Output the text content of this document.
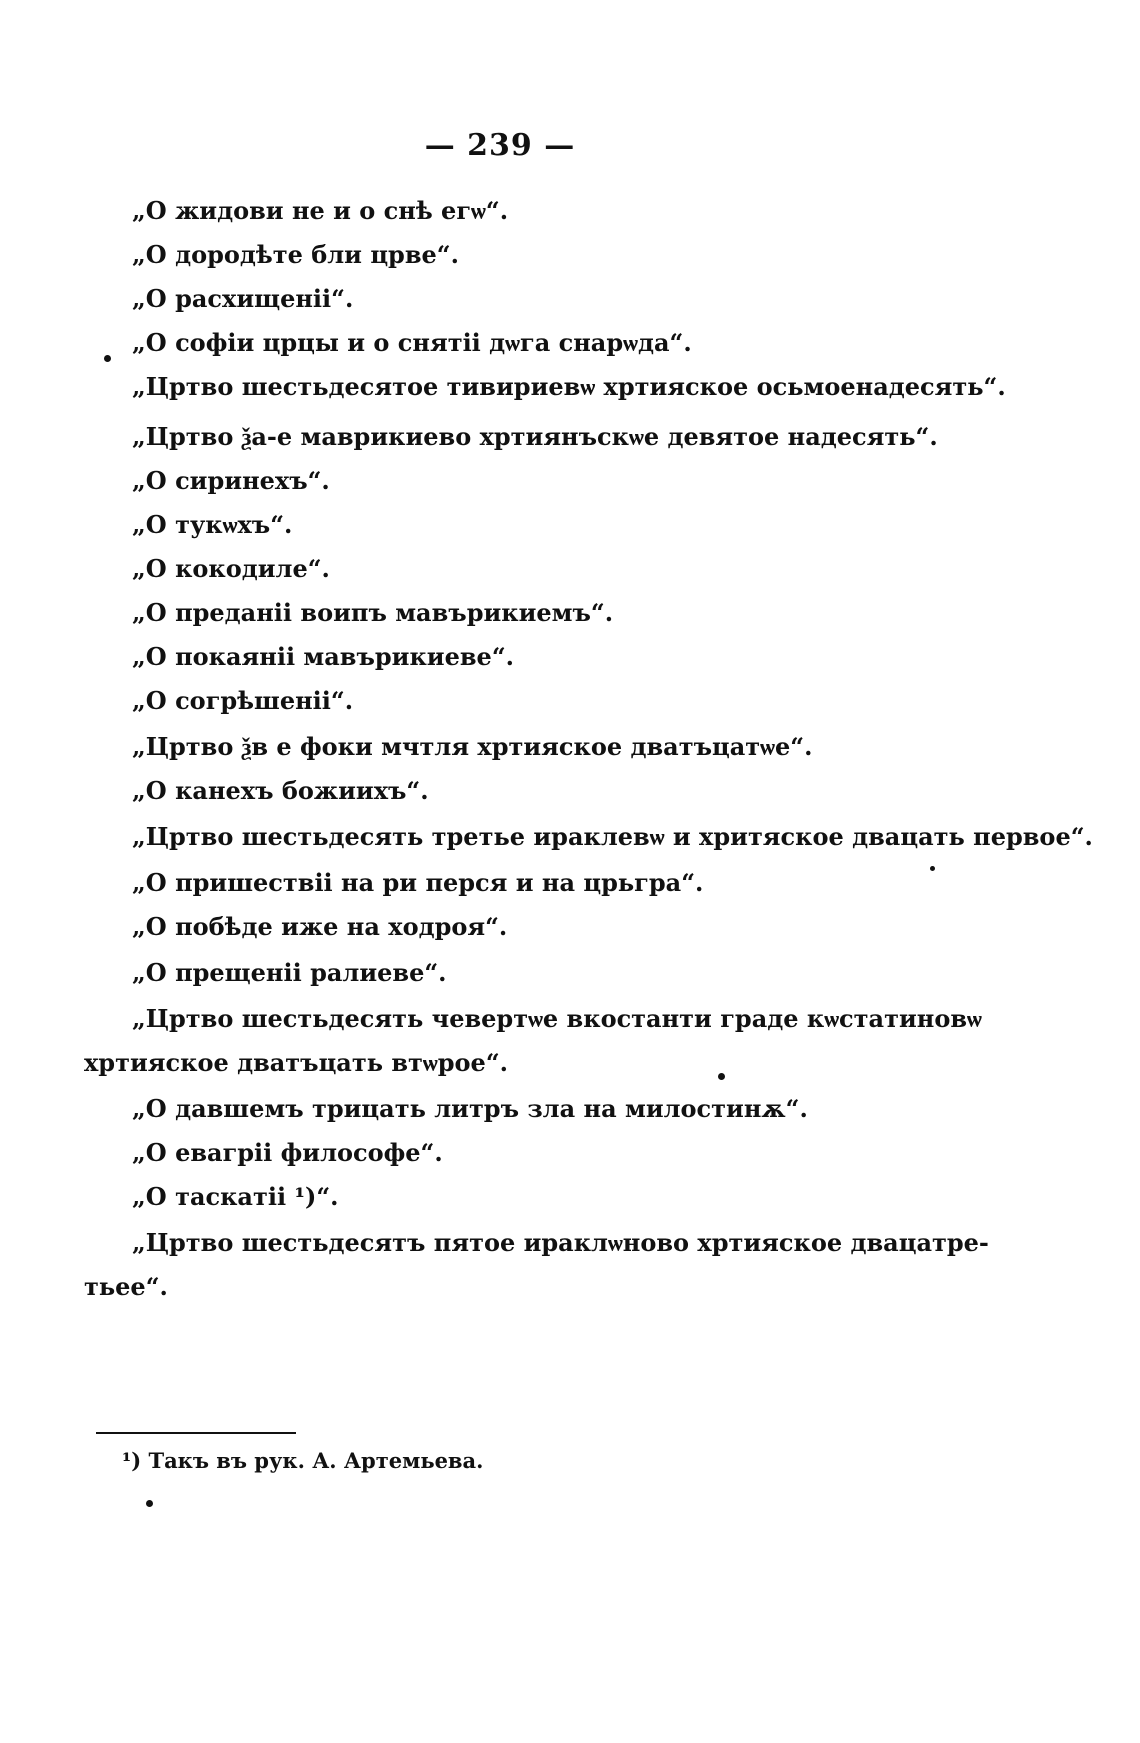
— 239 —
„О жидови не и о снѣ егѡ“.
„О дородѣте бли црве“.
„О расхищеніі“.
„О софіи црцы и о снятіі дѡга снарѡда“.
„Цртво шестьдесятое тивириевѡ хртияское осьмоенадесять“.
„Цртво ѯа-е маврикиево хртиянъскѡе девятое надесять“.
„О сиринехъ“.
„О тукѡхъ“.
„О кокодиле“.
„О преданіі воипъ мавърикиемъ“.
„О покаяніі мавърикиеве“.
„О согрѣшеніі“.
„Цртво ѯв е фоки мчтля хртияское дватъцатѡе“.
„О канехъ божиихъ“.
„Цртво шестьдесять третье ираклевѡ и хритяское двацать первое“.
„О пришествіі на ри перся и на црьгра“.
„О побѣде иже на ходроя“.
„О прещеніі ралиеве“.
„Цртво шестьдесять чевертѡе вкостанти граде кѡстатиновѡ
хртияское дватъцать втѡрое“.
„О давшемъ трицать литръ зла на милостинѫ“.
„О евагріі философе“.
„О таскатіі ¹)“.
„Цртво шестьдесятъ пятое ираклѡново хртияское двацатре-
тьее“.
¹) Такъ въ рук. А. Артемьева.
